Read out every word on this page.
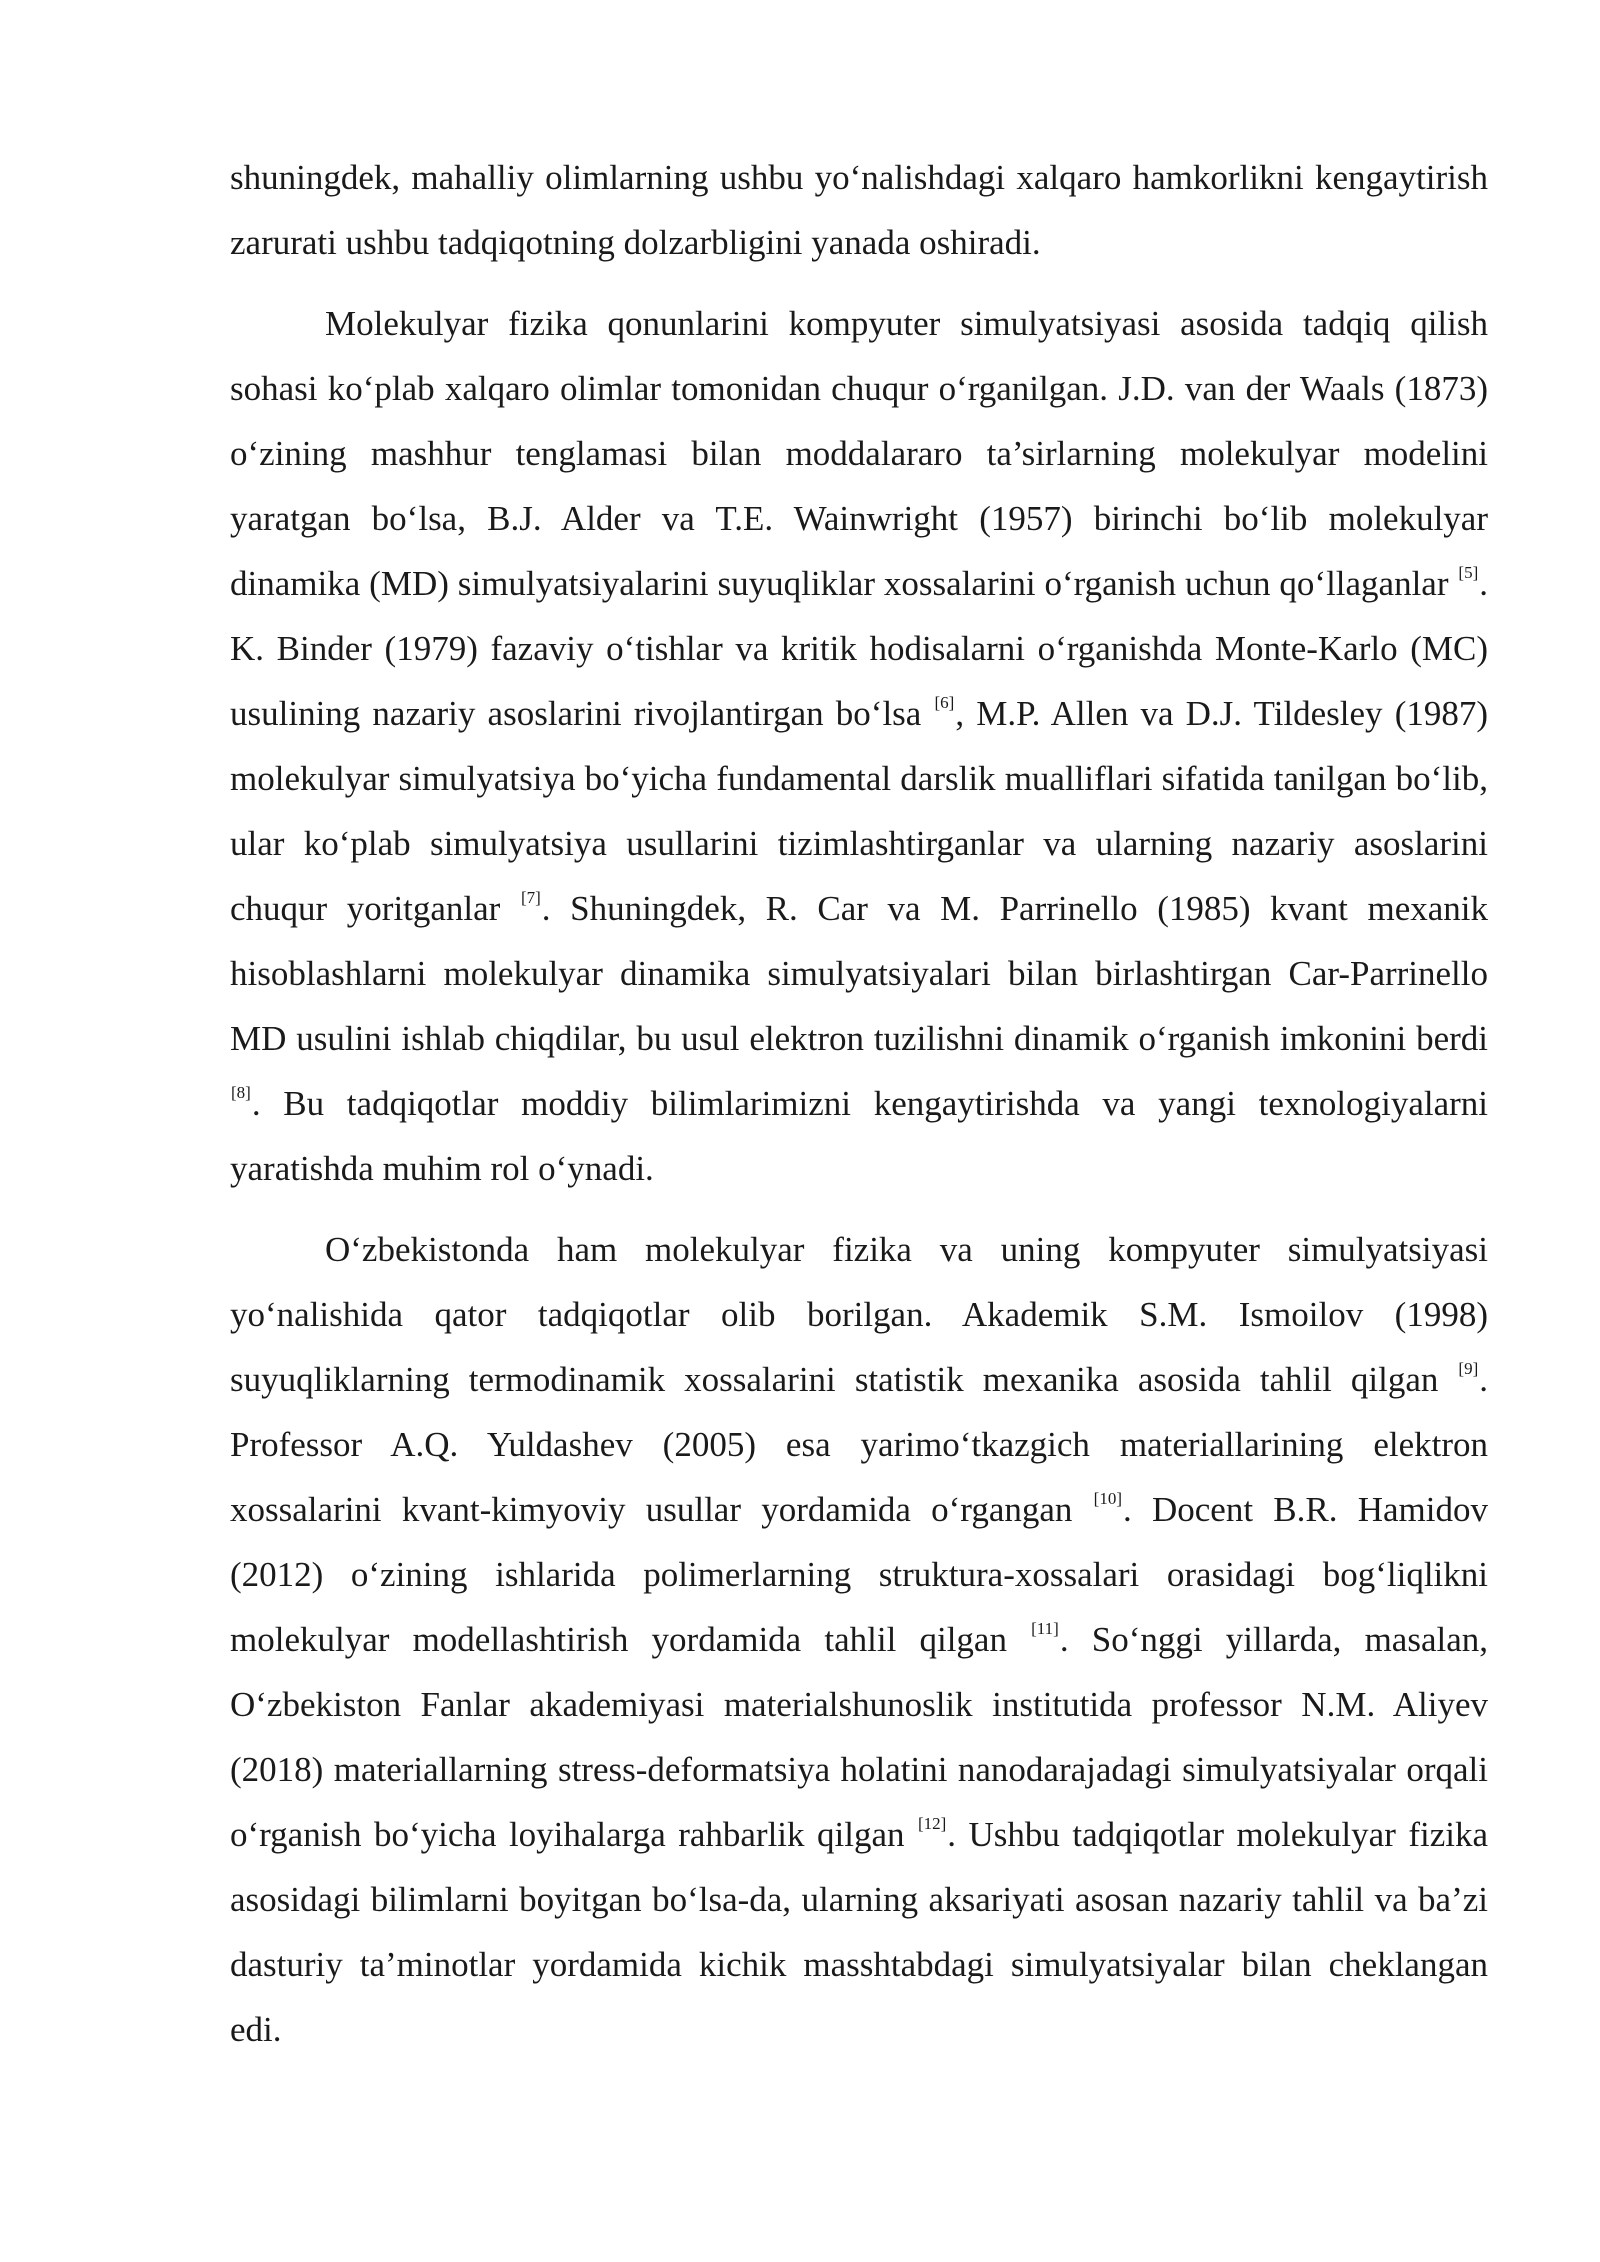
shuningdek, mahalliy olimlarning ushbu yo‘nalishdagi xalqaro hamkorlikni kengaytirish zarurati ushbu tadqiqotning dolzarbligini yanada oshiradi.

Molekulyar fizika qonunlarini kompyuter simulyatsiyasi asosida tadqiq qilish sohasi ko‘plab xalqaro olimlar tomonidan chuqur o‘rganilgan. J.D. van der Waals (1873) o‘zining mashhur tenglamasi bilan moddalararo ta’sirlarning molekulyar modelini yaratgan bo‘lsa, B.J. Alder va T.E. Wainwright (1957) birinchi bo‘lib molekulyar dinamika (MD) simulyatsiyalarini suyuqliklar xossalarini o‘rganish uchun qo‘llaganlar [5]. K. Binder (1979) fazaviy o‘tishlar va kritik hodisalarni o‘rganishda Monte-Karlo (MC) usulining nazariy asoslarini rivojlantirgan bo‘lsa [6], M.P. Allen va D.J. Tildesley (1987) molekulyar simulyatsiya bo‘yicha fundamental darslik mualliflari sifatida tanilgan bo‘lib, ular ko‘plab simulyatsiya usullarini tizimlashtirganlar va ularning nazariy asoslarini chuqur yoritganlar [7]. Shuningdek, R. Car va M. Parrinello (1985) kvant mexanik hisoblashlarni molekulyar dinamika simulyatsiyalari bilan birlashtirgan Car-Parrinello MD usulini ishlab chiqdilar, bu usul elektron tuzilishni dinamik o‘rganish imkonini berdi [8]. Bu tadqiqotlar moddiy bilimlarimizni kengaytirishda va yangi texnologiyalarni yaratishda muhim rol o‘ynadi.

O‘zbekistonda ham molekulyar fizika va uning kompyuter simulyatsiyasi yo‘nalishida qator tadqiqotlar olib borilgan. Akademik S.M. Ismoilov (1998) suyuqliklarning termodinamik xossalarini statistik mexanika asosida tahlil qilgan [9]. Professor A.Q. Yuldashev (2005) esa yarimo‘tkazgich materiallarining elektron xossalarini kvant-kimyoviy usullar yordamida o‘rgangan [10]. Docent B.R. Hamidov (2012) o‘zining ishlarida polimerlarning struktura-xossalari orasidagi bog‘liqlikni molekulyar modellashtirish yordamida tahlil qilgan [11]. So‘nggi yillarda, masalan, O‘zbekiston Fanlar akademiyasi materialshunoslik institutida professor N.M. Aliyev (2018) materiallarning stress-deformatsiya holatini nanodarajadagi simulyatsiyalar orqali o‘rganish bo‘yicha loyihalarga rahbarlik qilgan [12]. Ushbu tadqiqotlar molekulyar fizika asosidagi bilimlarni boyitgan bo‘lsa-da, ularning aksariyati asosan nazariy tahlil va ba’zi dasturiy ta’minotlar yordamida kichik masshtabdagi simulyatsiyalar bilan cheklangan edi.
